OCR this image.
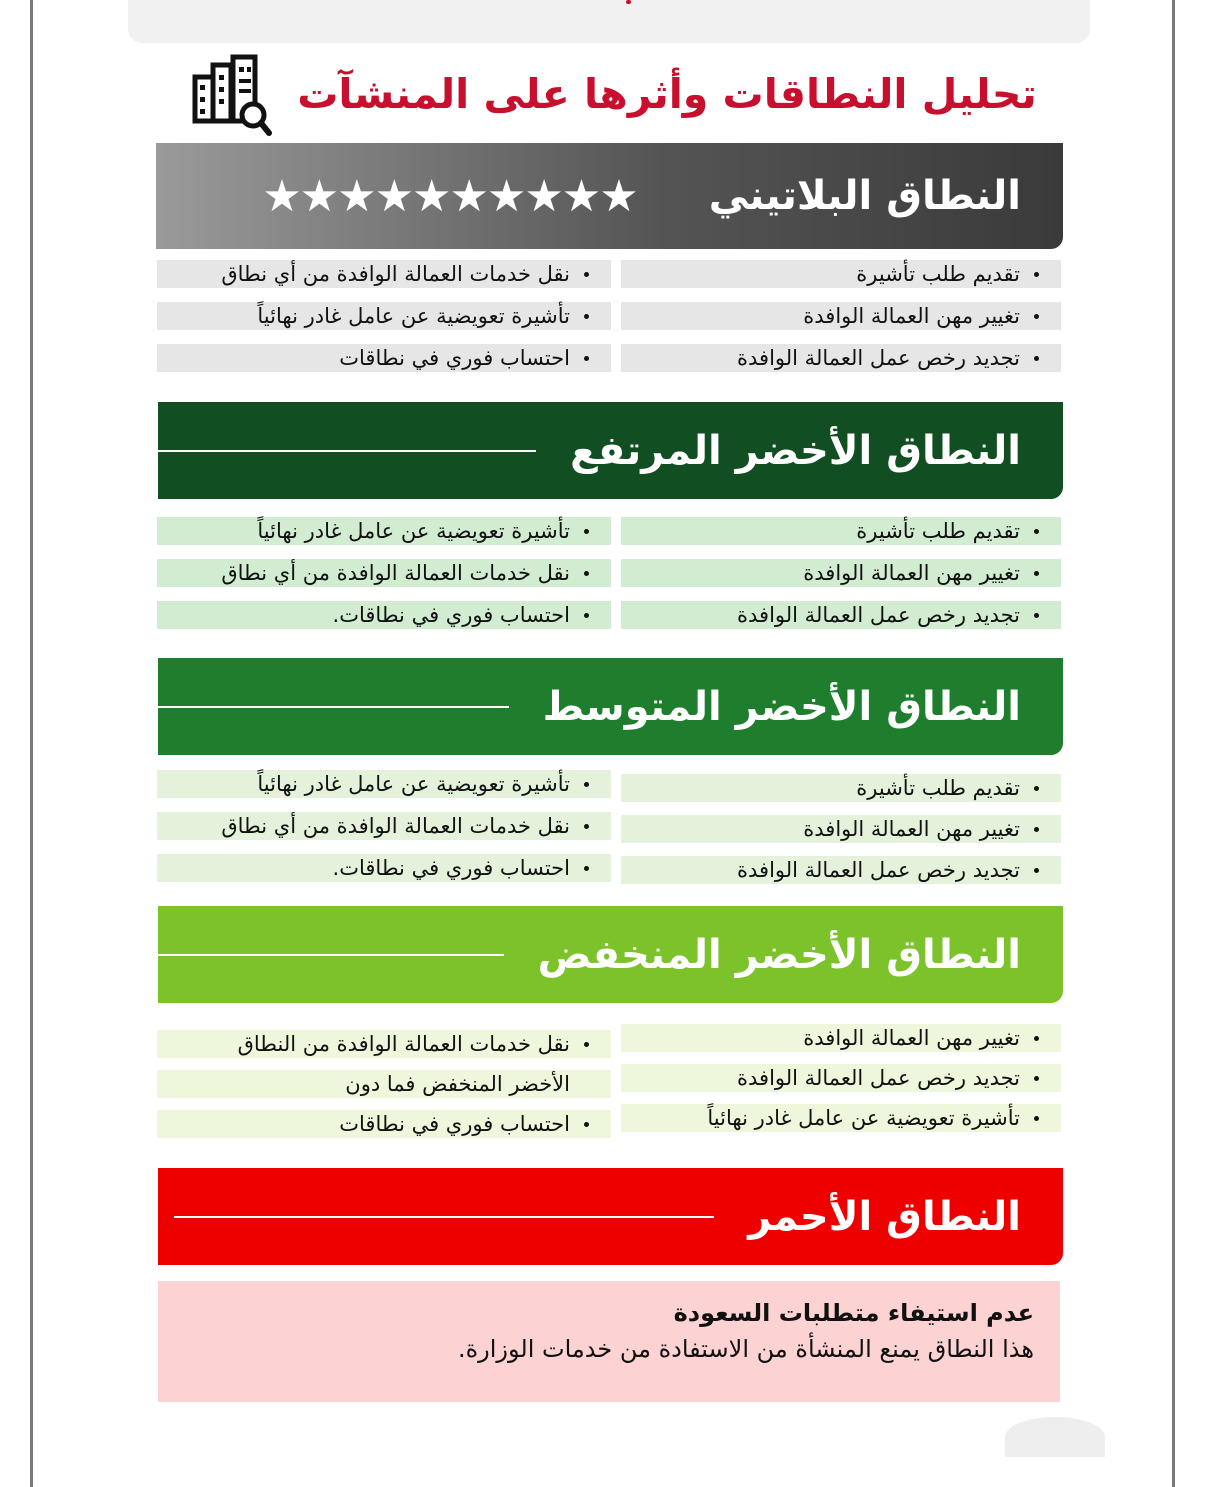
تحليل النطاقات وأثرها على المنشآت
النطاق البلاتيني
★★★★★★★★★★
تقديم طلب تأشيرة
تغيير مهن العمالة الوافدة
تجديد رخص عمل العمالة الوافدة
نقل خدمات العمالة الوافدة من أي نطاق
تأشيرة تعويضية عن عامل غادر نهائياً
احتساب فوري في نطاقات
النطاق الأخضر المرتفع
تقديم طلب تأشيرة
تغيير مهن العمالة الوافدة
تجديد رخص عمل العمالة الوافدة
تأشيرة تعويضية عن عامل غادر نهائياً
نقل خدمات العمالة الوافدة من أي نطاق
احتساب فوري في نطاقات.
النطاق الأخضر المتوسط
تقديم طلب تأشيرة
تغيير مهن العمالة الوافدة
تجديد رخص عمل العمالة الوافدة
تأشيرة تعويضية عن عامل غادر نهائياً
نقل خدمات العمالة الوافدة من أي نطاق
احتساب فوري في نطاقات.
النطاق الأخضر المنخفض
تغيير مهن العمالة الوافدة
تجديد رخص عمل العمالة الوافدة
تأشيرة تعويضية عن عامل غادر نهائياً
نقل خدمات العمالة الوافدة من النطاق
الأخضر المنخفض فما دون
احتساب فوري في نطاقات
النطاق الأحمر
عدم استيفاء متطلبات السعودة
هذا النطاق يمنع المنشأة من الاستفادة من خدمات الوزارة.
